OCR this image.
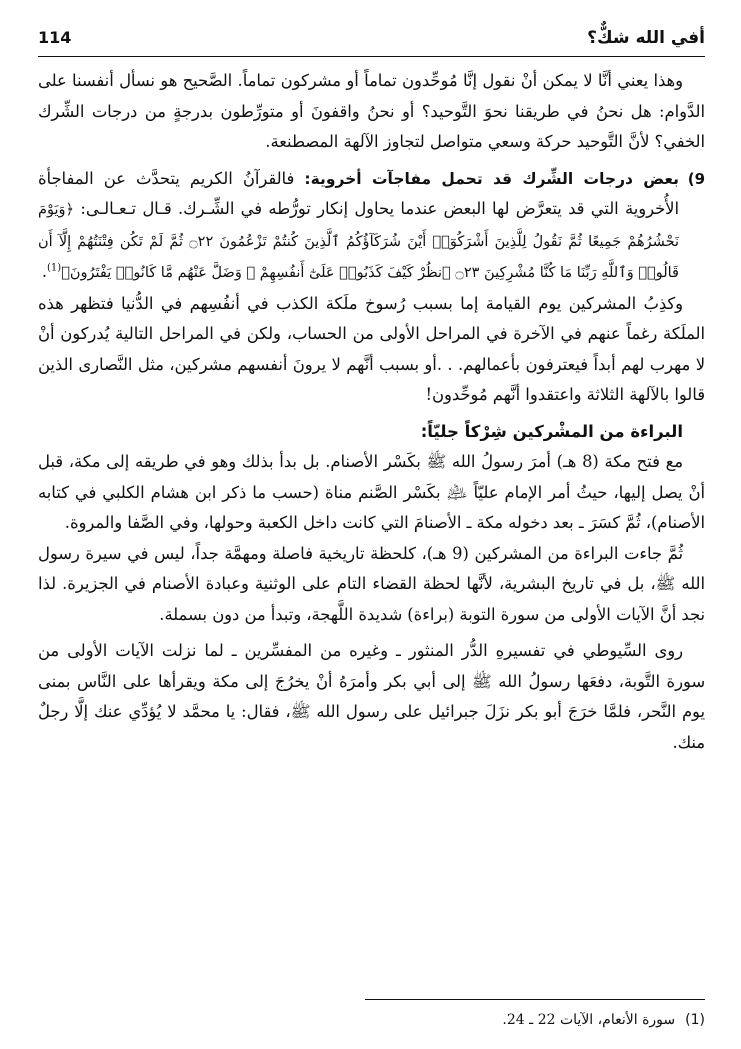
أفي الله شكٌّ؟
114

وهذا يعني أنَّا لا يمكن أنْ نقول إنَّا مُوحِّدون تماماً أو مشركون تماماً. الصَّحيح هو نسأل أنفسنا على الدَّوام: هل نحنُ في طريقنا نحوَ التَّوحيد؟ أو نحنُ واقفونَ أو متورِّطون بدرجةٍ من درجات الشِّرك الخفي؟ لأنَّ التَّوحيد حركة وسعي متواصل لتجاوز الآلهة المصطنعة.

9)

بعض درجات الشِّرك قد تحمل مفاجآت أخروية: فالقرآنُ الكريم يتحدَّث عن المفاجأة الأُخروية التي قد يتعرَّض لها البعض عندما يحاول إنكار تورُّطه في الشِّـرك. قـال تـعـالـى: ﴿وَيَوْمَ نَحْشُرُهُمْ جَمِيعًا ثُمَّ نَقُولُ لِلَّذِينَ أَشْرَكُوٓا۟ أَيْنَ شُرَكَآؤُكُمُ ٱلَّذِينَ كُنتُمْ تَزْعُمُونَ ۝٢٢ ثُمَّ لَمْ تَكُن فِتْنَتُهُمْ إِلَّآ أَن قَالُوا۟ وَٱللَّهِ رَبِّنَا مَا كُنَّا مُشْرِكِينَ ۝٢٣ ٱنظُرْ كَيْفَ كَذَبُوا۟ عَلَىٰٓ أَنفُسِهِمْ ۚ وَضَلَّ عَنْهُم مَّا كَانُوا۟ يَفْتَرُونَ﴾$^{(1)}$.

وكذِبُ المشركين يوم القيامة إما بسبب رُسوخ ملَكة الكذب في أنفُسِهم في الدُّنيا فتظهر هذه الملَكة رغماً عنهم في الآخرة في المراحل الأولى من الحساب، ولكن في المراحل التالية يُدركون أنْ لا مهرب لهم أبداً فيعترفون بأعمالهم. . .أو بسبب أنَّهم لا يرونَ أنفسهم مشركين، مثل النَّصارى الذين قالوا بالآلهة الثلاثة واعتقدوا أنَّهم مُوحِّدون!

البراءة من المشْركين شِرْكاً جليّاً:

مع فتح مكة (8 هـ) أمرَ رسولُ الله ﷺ بكَسْر الأصنام. بل بدأ بذلك وهو في طريقه إلى مكة، قبل أنْ يصل إليها، حيثُ أمر الإمام عليّاً ﵇ بكَسْر الصَّنم مناة (حسب ما ذكر ابن هشام الكلبي في كتابه الأصنام)، ثُمَّ كسَرَ ـ بعد دخوله مكة ـ الأصنامَ التي كانت داخل الكعبة وحولها، وفي الصَّفا والمروة.

ثُمَّ جاءت البراءة من المشركين (9 هـ)، كلحظة تاريخية فاصلة ومهمَّة جداً، ليس في سيرة رسول الله ﷺ، بل في تاريخ البشرية، لأنَّها لحظة القضاء التام على الوثنية وعبادة الأصنام في الجزيرة. لذا نجد أنَّ الآيات الأولى من سورة التوبة (براءة) شديدة اللَّهجة، وتبدأ من دون بسملة.

روى السِّيوطي في تفسيرهِ الدُّر المنثور ـ وغيره من المفسِّرين ـ لما نزلت الآيات الأولى من سورة التَّوبة، دفعَها رسولُ الله ﷺ إلى أبي بكر وأمرَهُ أنْ يخرُجَ إلى مكة ويقرأها على النَّاس بمنى يوم النَّحر، فلمَّا خرَجَ أبو بكر نزَلَ جبرائيل على رسول الله ﷺ، فقال: يا محمَّد لا يُؤدِّي عنك إلَّا رجلٌ منك.

(1)سورة الأنعام، الآيات 22 ـ 24.
